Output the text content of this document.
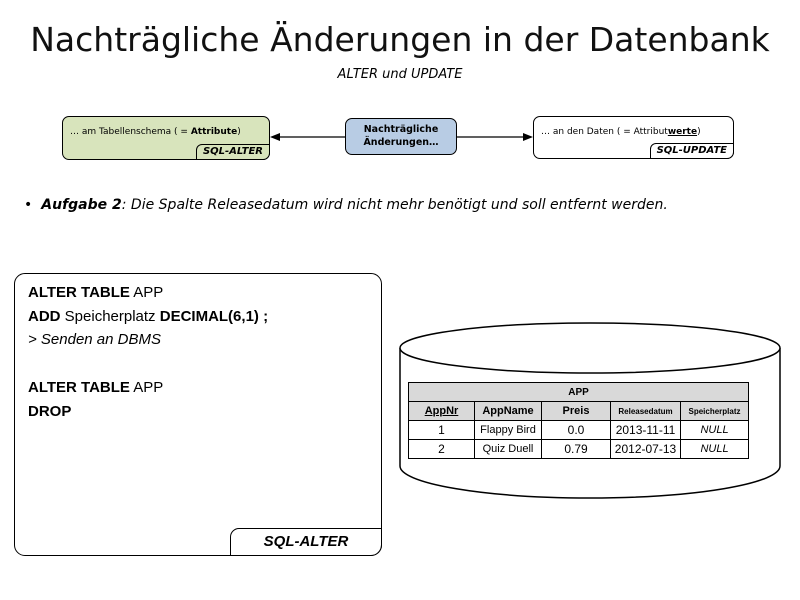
Nachträgliche Änderungen in der Datenbank
ALTER und UPDATE
… am Tabellenschema ( = Attribute)
SQL-ALTER
Nachträgliche
Änderungen…
… an den Daten ( = Attributwerte)
SQL-UPDATE
• Aufgabe 2: Die Spalte Releasedatum wird nicht mehr benötigt und soll entfernt werden.
ALTER TABLE APP
ADD Speicherplatz DECIMAL(6,1) ;
> Senden an DBMS
ALTER TABLE APP
DROP
SQL-ALTER
APP				
AppNr	AppName	Preis	Releasedatum	Speicherplatz
1	Flappy Bird	0.0	2013-11-11	NULL
2	Quiz Duell	0.79	2012-07-13	NULL
